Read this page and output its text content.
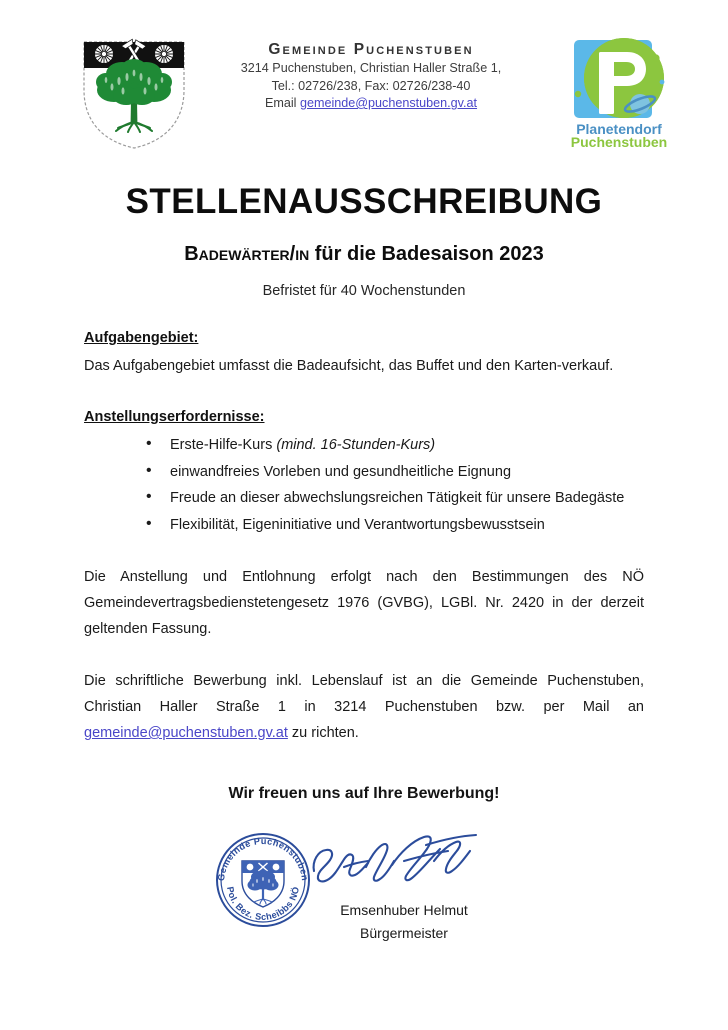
Gemeinde Puchenstuben
3214 Puchenstuben, Christian Haller Straße 1,
Tel.: 02726/238, Fax: 02726/238-40
Email gemeinde@puchenstuben.gv.at
Planetendorf
Puchenstuben
STELLENAUSSCHREIBUNG
Badewärter/in für die Badesaison 2023
Befristet für 40 Wochenstunden
Aufgabengebiet:

Das Aufgabengebiet umfasst die Badeaufsicht, das Buffet und den Karten-verkauf.

Anstellungserfordernisse:
• Erste-Hilfe-Kurs (mind. 16-Stunden-Kurs)
• einwandfreies Vorleben und gesundheitliche Eignung
• Freude an dieser abwechslungsreichen Tätigkeit für unsere Badegäste
• Flexibilität, Eigeninitiative und Verantwortungsbewusstsein

Die Anstellung und Entlohnung erfolgt nach den Bestimmungen des NÖ Gemeindevertragsbedienstetengesetz 1976 (GVBG), LGBl. Nr. 2420 in der derzeit geltenden Fassung.

Die schriftliche Bewerbung inkl. Lebenslauf ist an die Gemeinde Puchenstuben, Christian Haller Straße 1 in 3214 Puchenstuben bzw. per Mail an gemeinde@puchenstuben.gv.at zu richten.

Wir freuen uns auf Ihre Bewerbung!
Gemeinde Puchenstuben
Pol. Bez. Scheibbs NÖ
Emsenhuber Helmut
Bürgermeister
